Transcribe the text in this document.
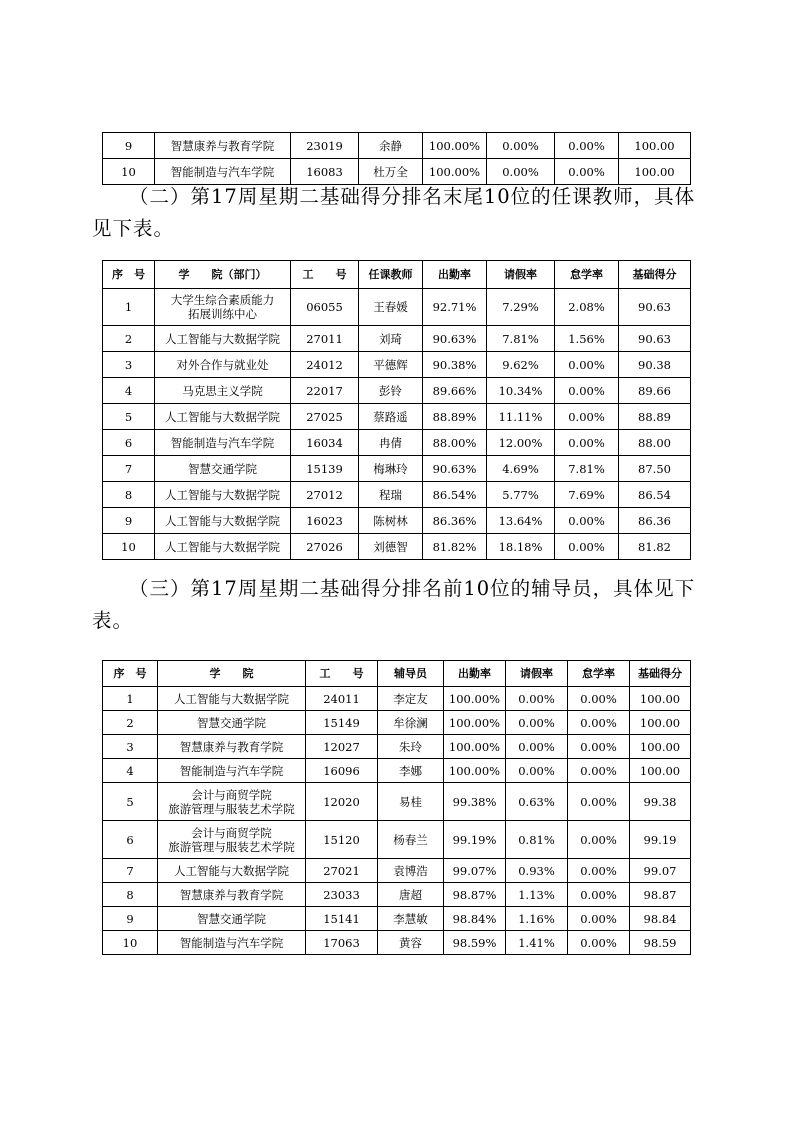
9	智慧康养与教育学院	23019	余静	100.00%	0.00%	0.00%	100.00
10	智能制造与汽车学院	16083	杜万全	100.00%	0.00%	0.00%	100.00

（二）第17周星期二基础得分排名末尾10位的任课教师，具体见下表。

序　号	学　　院（部门）	工　　号	任课教师	出勤率	请假率	怠学率	基础得分
1	大学生综合素质能力
拓展训练中心	06055	王春媛	92.71%	7.29%	2.08%	90.63
2	人工智能与大数据学院	27011	刘琦	90.63%	7.81%	1.56%	90.63
3	对外合作与就业处	24012	平德辉	90.38%	9.62%	0.00%	90.38
4	马克思主义学院	22017	彭铃	89.66%	10.34%	0.00%	89.66
5	人工智能与大数据学院	27025	蔡路遥	88.89%	11.11%	0.00%	88.89
6	智能制造与汽车学院	16034	冉倩	88.00%	12.00%	0.00%	88.00
7	智慧交通学院	15139	梅琳玲	90.63%	4.69%	7.81%	87.50
8	人工智能与大数据学院	27012	程瑞	86.54%	5.77%	7.69%	86.54
9	人工智能与大数据学院	16023	陈树林	86.36%	13.64%	0.00%	86.36
10	人工智能与大数据学院	27026	刘德智	81.82%	18.18%	0.00%	81.82

（三）第17周星期二基础得分排名前10位的辅导员，具体见下表。

序　号	学　　院	工　　号	辅导员	出勤率	请假率	怠学率	基础得分
1	人工智能与大数据学院	24011	李定友	100.00%	0.00%	0.00%	100.00
2	智慧交通学院	15149	牟徐澜	100.00%	0.00%	0.00%	100.00
3	智慧康养与教育学院	12027	朱玲	100.00%	0.00%	0.00%	100.00
4	智能制造与汽车学院	16096	李娜	100.00%	0.00%	0.00%	100.00
5	会计与商贸学院
旅游管理与服装艺术学院	12020	易桂	99.38%	0.63%	0.00%	99.38
6	会计与商贸学院
旅游管理与服装艺术学院	15120	杨春兰	99.19%	0.81%	0.00%	99.19
7	人工智能与大数据学院	27021	袁博浩	99.07%	0.93%	0.00%	99.07
8	智慧康养与教育学院	23033	唐超	98.87%	1.13%	0.00%	98.87
9	智慧交通学院	15141	李慧敏	98.84%	1.16%	0.00%	98.84
10	智能制造与汽车学院	17063	黄容	98.59%	1.41%	0.00%	98.59
